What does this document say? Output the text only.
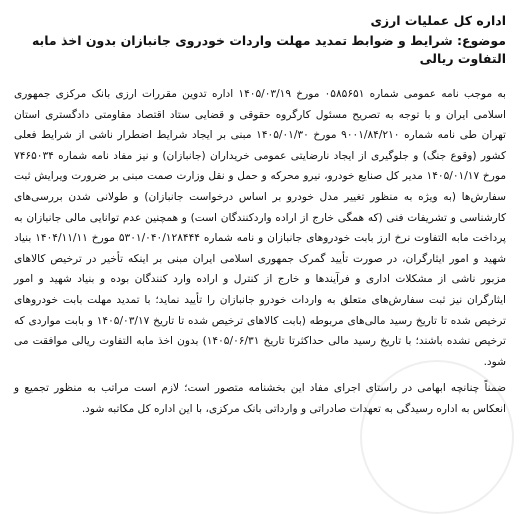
اداره کل عملیات ارزی

موضوع: شرایط و ضوابط تمدید مهلت واردات خودروی جانبازان بدون اخذ مابه التفاوت ریالی

به موجب نامه عمومی شماره ۰۵۸۵۶۵۱ مورخ ۱۴۰۵/۰۳/۱۹ اداره تدوین مقررات ارزی بانک مرکزی جمهوری اسلامی ایران و با توجه به تصریح مسئول کارگروه حقوقی و قضایی ستاد اقتصاد مقاومتی دادگستری استان تهران طی نامه شماره ۹۰۰۱/۸۴/۲۱۰ مورخ ۱۴۰۵/۰۱/۳۰ مبنی بر ایجاد شرایط اضطرار ناشی از شرایط فعلی کشور (وقوع جنگ) و جلوگیری از ایجاد نارضایتی عمومی خریداران (جانبازان) و نیز مفاد نامه شماره ۷۴۶۵۰۳۴ مورخ ۱۴۰۵/۰۱/۱۷ مدیر کل صنایع خودرو، نیرو محرکه و حمل و نقل وزارت صمت مبنی بر ضرورت ویرایش ثبت سفارش‌ها (به ویژه به منظور تغییر مدل خودرو بر اساس درخواست جانبازان) و طولانی شدن بررسی‌های کارشناسی و تشریفات فنی (که همگی خارج از اراده واردکنندگان است) و همچنین عدم توانایی مالی جانبازان به پرداخت مابه التفاوت نرخ ارز بابت خودروهای جانبازان و نامه شماره ۵۳۰۱/۰۴۰/۱۲۸۴۴۴ مورخ ۱۴۰۴/۱۱/۱۱ بنیاد شهید و امور ایثارگران، در صورت تأیید گمرک جمهوری اسلامی ایران مبنی بر اینکه تأخیر در ترخیص کالاهای مزبور ناشی از مشکلات اداری و فرآیندها و خارج از کنترل و اراده وارد کنندگان بوده و بنیاد شهید و امور ایثارگران نیز ثبت سفارش‌های متعلق به واردات خودرو جانبازان را تأیید نماید؛ با تمدید مهلت بابت خودروهای ترخیص شده تا تاریخ رسید مالی‌های مربوطه (بابت کالاهای ترخیص شده تا تاریخ ۱۴۰۵/۰۳/۱۷ و بابت مواردی که ترخیص نشده باشند؛ با تاریخ رسید مالی حداکثرتا تاریخ ۱۴۰۵/۰۶/۳۱) بدون اخذ مابه التفاوت ریالی موافقت می شود.

ضمناً چنانچه ابهامی در راستای اجرای مفاد این بخشنامه متصور است؛ لازم است مراتب به منظور تجمیع و انعکاس به اداره رسیدگی به تعهدات صادراتی و وارداتی بانک مرکزی، با این اداره کل مکاتبه شود.
